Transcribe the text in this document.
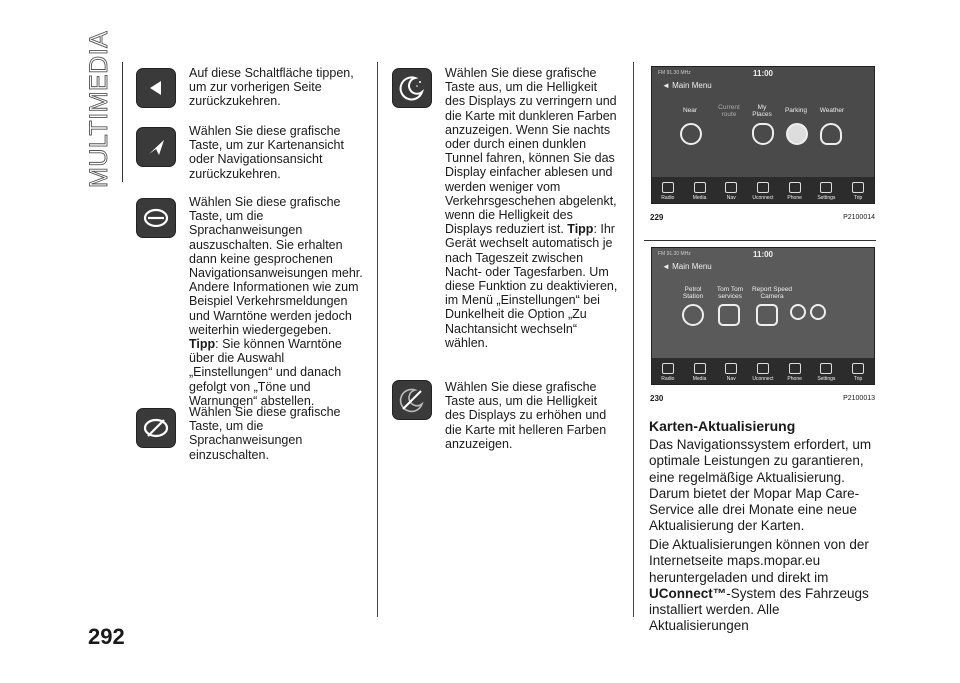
MULTIMEDIA	Auf diese Schaltfläche tippen, um zur vorherigen Seite zurückzukehren.

Wählen Sie diese grafische Taste, um zur Kartenansicht oder Navigationsansicht zurückzukehren.

Wählen Sie diese grafische Taste, um die Sprachanweisungen auszuschalten. Sie erhalten dann keine gesprochenen Navigationsanweisungen mehr. Andere Informationen wie zum Beispiel Verkehrsmeldungen und Warntöne werden jedoch weiterhin wiedergegeben. Tipp: Sie können Warntöne über die Auswahl „Einstellungen“ und danach gefolgt von „Töne und Warnungen“ abstellen.

Wählen Sie diese grafische Taste, um die Sprachanweisungen einzuschalten.

Wählen Sie diese grafische Taste aus, um die Helligkeit des Displays zu verringern und die Karte mit dunkleren Farben anzuzeigen. Wenn Sie nachts oder durch einen dunklen Tunnel fahren, können Sie das Display einfacher ablesen und werden weniger vom Verkehrsgeschehen abgelenkt, wenn die Helligkeit des Displays reduziert ist. Tipp: Ihr Gerät wechselt automatisch je nach Tageszeit zwischen Nacht- oder Tagesfarben. Um diese Funktion zu deaktivieren, im Menü „Einstellungen“ bei Dunkelheit die Option „Zu Nachtansicht wechseln“ wählen.

Wählen Sie diese grafische Taste aus, um die Helligkeit des Displays zu erhöhen und die Karte mit helleren Farben anzuzeigen.

FM 91.30 MHz	11:00
◄ Main Menu
Near	Current route
My Places
Parking	Weather
Radio	Media	Nav	Uconnect	Phone	Settings	Trip
229	P2100014
FM 91.30 MHz	11:00
◄ Main Menu
Petrol Station
Tom Tom services
Report Speed Camera
Radio	Media	Nav	Uconnect	Phone	Settings	Trip
230	P2100013
Karten-Aktualisierung

Das Navigationssystem erfordert, um optimale Leistungen zu garantieren, eine regelmäßige Aktualisierung. Darum bietet der Mopar Map Care-Service alle drei Monate eine neue Aktualisierung der Karten.

Die Aktualisierungen können von der Internetseite maps.mopar.eu heruntergeladen und direkt im UConnect™-System des Fahrzeugs installiert werden. Alle Aktualisierungen

292
